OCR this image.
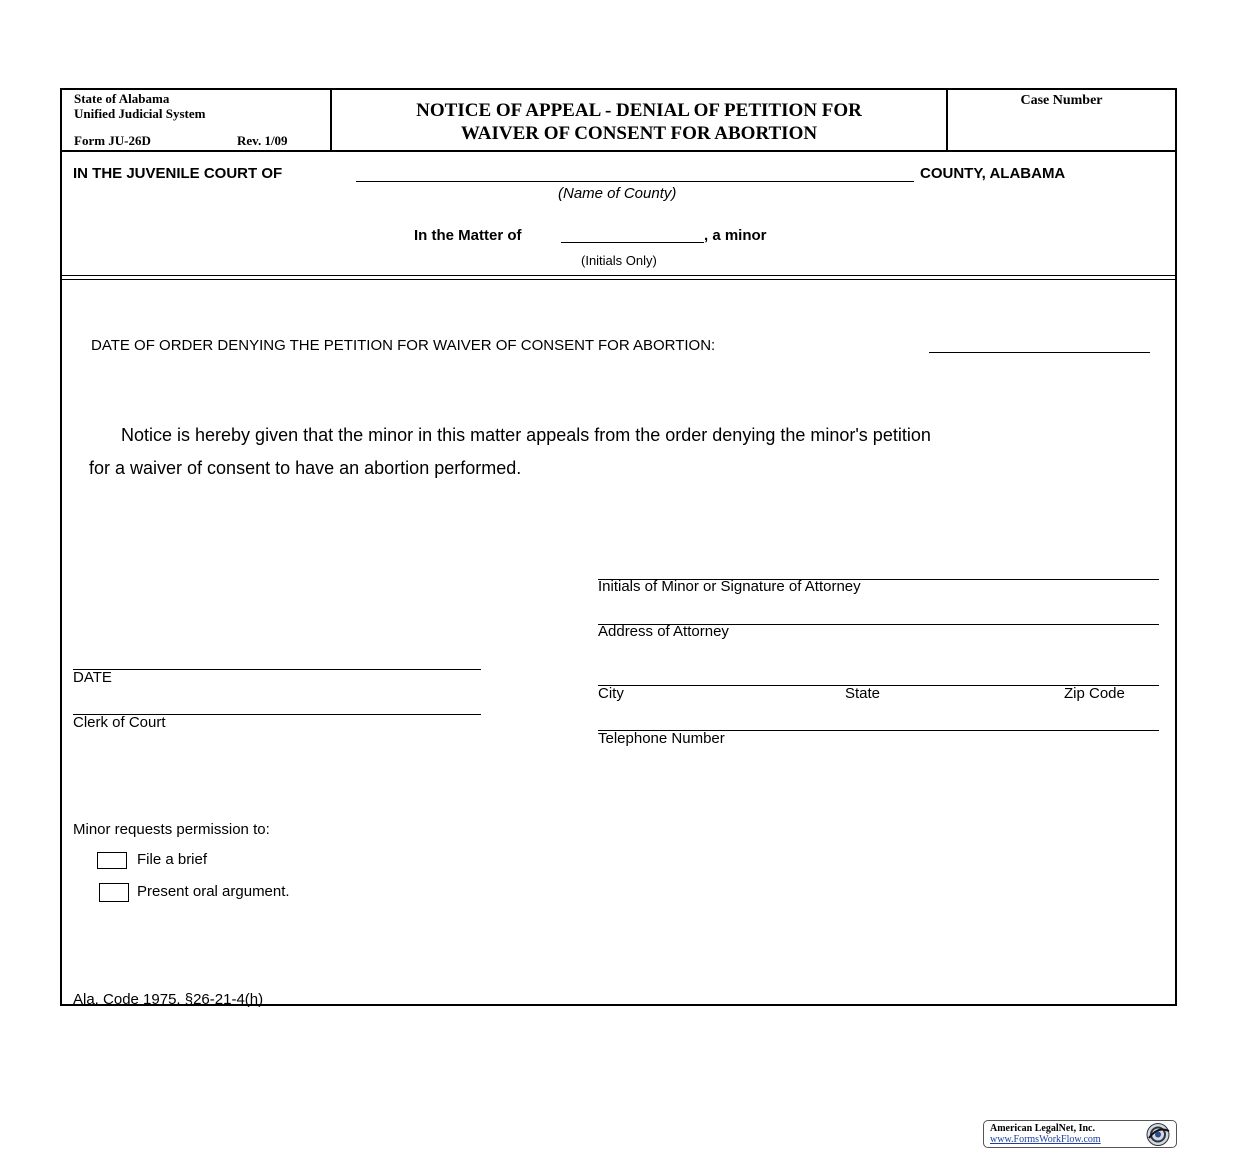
State of Alabama
Unified Judicial System
Form JU-26D	Rev. 1/09
NOTICE OF APPEAL - DENIAL OF PETITION FOR
WAIVER OF CONSENT FOR ABORTION
Case Number
IN THE JUVENILE COURT OF	COUNTY, ALABAMA
(Name of County)
In the Matter of	, a minor
(Initials Only)
DATE OF ORDER DENYING THE PETITION FOR WAIVER OF CONSENT FOR ABORTION:
Notice is hereby given that the minor in this matter appeals from the order denying the minor's petition
for a waiver of consent to have an abortion performed.
Initials of Minor or Signature of Attorney
Address of Attorney
City	State	Zip Code
Telephone Number
DATE
Clerk of Court
Minor requests permission to:
File a brief
Present oral argument.
Ala. Code 1975, §26-21-4(h)
American LegalNet, Inc.
www.FormsWorkFlow.com
